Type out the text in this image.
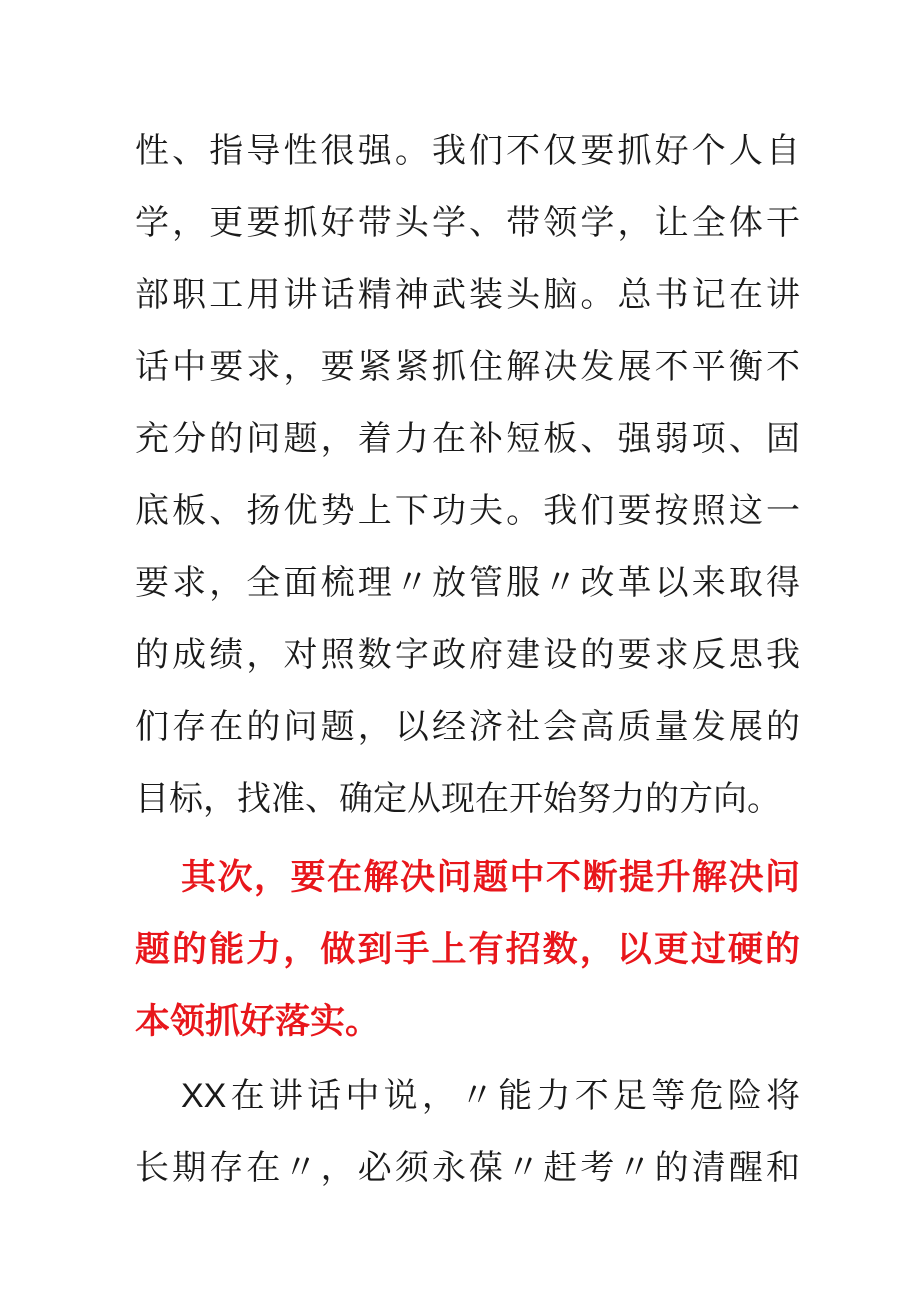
性、指导性很强。我们不仅要抓好个人自
学，更要抓好带头学、带领学，让全体干
部职工用讲话精神武装头脑。总书记在讲
话中要求，要紧紧抓住解决发展不平衡不
充分的问题，着力在补短板、强弱项、固
底板、扬优势上下功夫。我们要按照这一
要求，全面梳理〃放管服〃改革以来取得
的成绩，对照数字政府建设的要求反思我
们存在的问题，以经济社会高质量发展的
目标，找准、确定从现在开始努力的方向。
其次，要在解决问题中不断提升解决问
题的能力，做到手上有招数，以更过硬的
本领抓好落实。
XX在讲话中说，〃能力不足等危险将
长期存在〃，必须永葆〃赶考〃的清醒和
